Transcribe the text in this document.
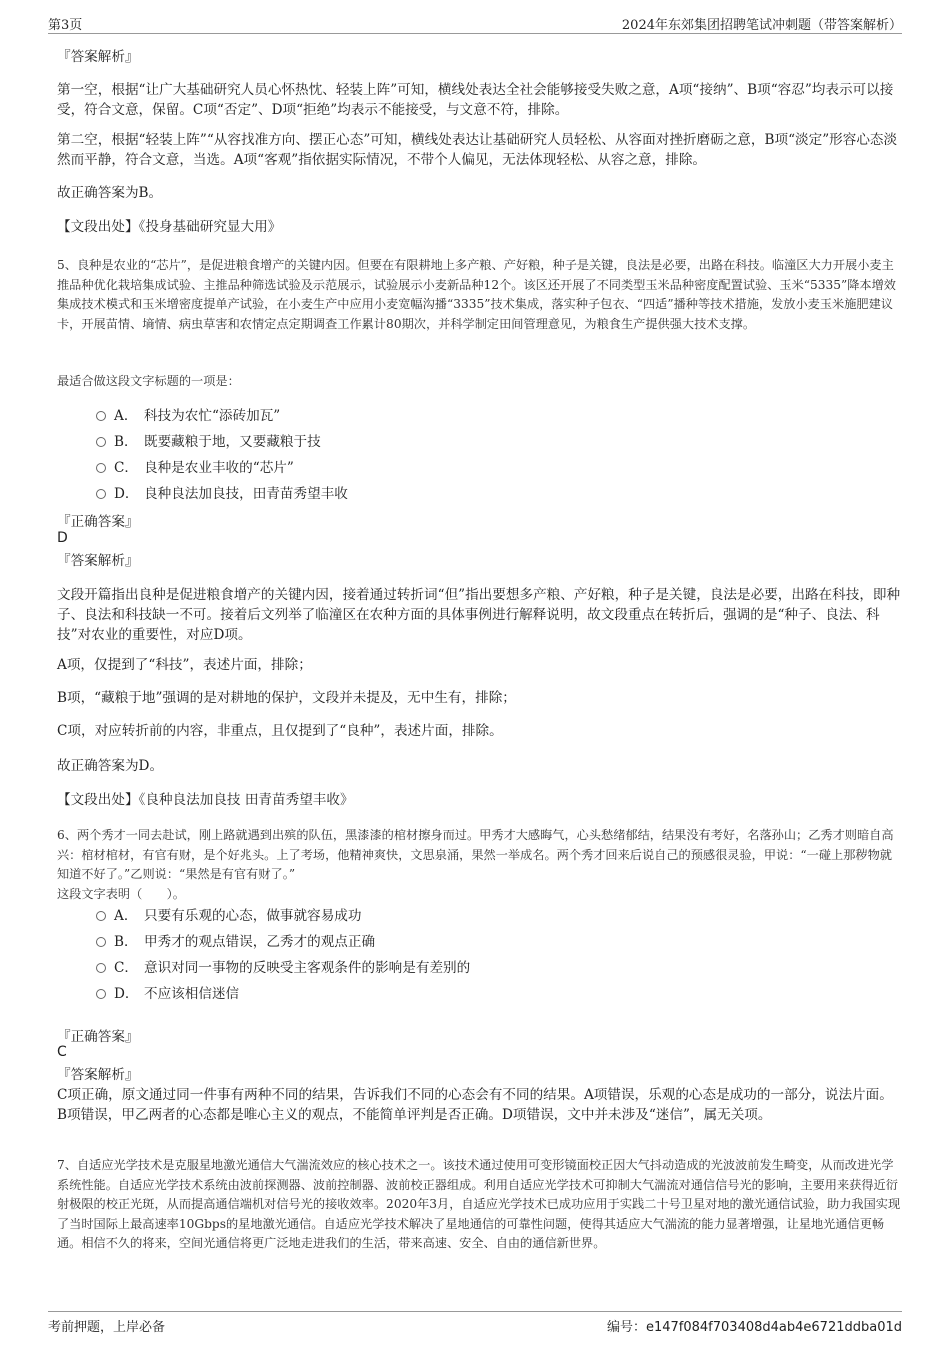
第3页	2024年东郊集团招聘笔试冲刺题（带答案解析）
『答案解析』
第一空，根据“让广大基础研究人员心怀热忱、轻装上阵”可知，横线处表达全社会能够接受失败之意，A项“接纳”、B项“容忍”均表示可以接受，符合文意，保留。C项“否定”、D项“拒绝”均表示不能接受，与文意不符，排除。
第二空，根据“轻装上阵”“从容找准方向、摆正心态”可知，横线处表达让基础研究人员轻松、从容面对挫折磨砺之意，B项“淡定”形容心态淡然而平静，符合文意，当选。A项“客观”指依据实际情况，不带个人偏见，无法体现轻松、从容之意，排除。
故正确答案为B。
【文段出处】《投身基础研究显大用》
5、良种是农业的“芯片”，是促进粮食增产的关键内因。但要在有限耕地上多产粮、产好粮，种子是关键，良法是必要，出路在科技。临潼区大力开展小麦主推品种优化栽培集成试验、主推品种筛选试验及示范展示，试验展示小麦新品种12个。该区还开展了不同类型玉米品种密度配置试验、玉米“5335”降本增效集成技术模式和玉米增密度提单产试验，在小麦生产中应用小麦宽幅沟播“3335”技术集成，落实种子包衣、“四适”播种等技术措施，发放小麦玉米施肥建议卡，开展苗情、墒情、病虫草害和农情定点定期调查工作累计80期次，并科学制定田间管理意见，为粮食生产提供强大技术支撑。
最适合做这段文字标题的一项是：
A． 科技为农忙“添砖加瓦”
B． 既要藏粮于地，又要藏粮于技
C． 良种是农业丰收的“芯片”
D． 良种良法加良技，田青苗秀望丰收
『正确答案』
D
『答案解析』
文段开篇指出良种是促进粮食增产的关键内因，接着通过转折词“但”指出要想多产粮、产好粮，种子是关键，良法是必要，出路在科技，即种子、良法和科技缺一不可。接着后文列举了临潼区在农种方面的具体事例进行解释说明，故文段重点在转折后，强调的是“种子、良法、科技”对农业的重要性，对应D项。
A项，仅提到了“科技”，表述片面，排除；
B项，“藏粮于地”强调的是对耕地的保护，文段并未提及，无中生有，排除；
C项，对应转折前的内容，非重点，且仅提到了“良种”，表述片面，排除。
故正确答案为D。
【文段出处】《良种良法加良技 田青苗秀望丰收》
6、两个秀才一同去赴试，刚上路就遇到出殡的队伍，黑漆漆的棺材擦身而过。甲秀才大感晦气，心头愁绪郁结，结果没有考好，名落孙山；乙秀才则暗自高兴：棺材棺材，有官有财，是个好兆头。上了考场，他精神爽快，文思泉涌，果然一举成名。两个秀才回来后说自己的预感很灵验，甲说：“一碰上那秽物就知道不好了。”乙则说：“果然是有官有财了。”
这段文字表明（　　）。
A． 只要有乐观的心态，做事就容易成功
B． 甲秀才的观点错误，乙秀才的观点正确
C． 意识对同一事物的反映受主客观条件的影响是有差别的
D． 不应该相信迷信
『正确答案』
C
『答案解析』
C项正确，原文通过同一件事有两种不同的结果，告诉我们不同的心态会有不同的结果。A项错误，乐观的心态是成功的一部分，说法片面。B项错误，甲乙两者的心态都是唯心主义的观点，不能简单评判是否正确。D项错误，文中并未涉及“迷信”，属无关项。
7、自适应光学技术是克服星地激光通信大气湍流效应的核心技术之一。该技术通过使用可变形镜面校正因大气抖动造成的光波波前发生畸变，从而改进光学系统性能。自适应光学技术系统由波前探测器、波前控制器、波前校正器组成。利用自适应光学技术可抑制大气湍流对通信信号光的影响，主要用来获得近衍射极限的校正光斑，从而提高通信端机对信号光的接收效率。2020年3月，自适应光学技术已成功应用于实践二十号卫星对地的激光通信试验，助力我国实现了当时国际上最高速率10Gbps的星地激光通信。自适应光学技术解决了星地通信的可靠性问题，使得其适应大气湍流的能力显著增强，让星地光通信更畅通。相信不久的将来，空间光通信将更广泛地走进我们的生活，带来高速、安全、自由的通信新世界。
考前押题，上岸必备	编号：e147f084f703408d4ab4e6721ddba01d
